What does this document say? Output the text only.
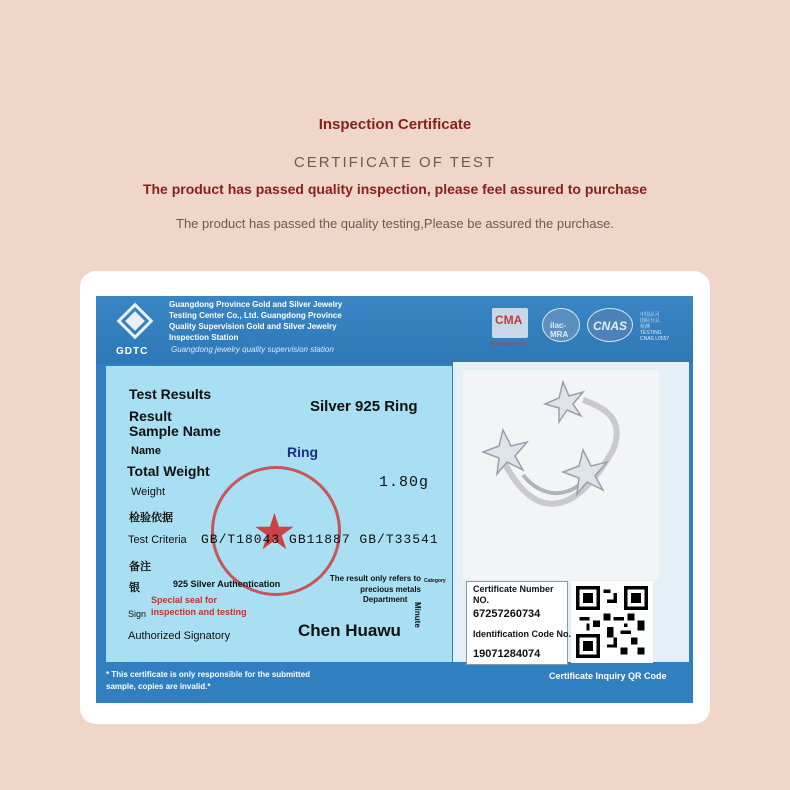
Inspection Certificate
CERTIFICATE OF TEST
The product has passed quality inspection, please feel assured to purchase
The product has passed the quality testing,Please be assured the purchase.
GDTC
Guangdong Province Gold and Silver Jewelry
Testing Center Co., Ltd. Guangdong Province
Quality Supervision Gold and Silver Jewelry
Inspection Station
Guangdong jewelry quality supervision station
CMA
2018190913741
ilac-MRA
CNAS
中国认可
国际互认
检测
TESTING
CNAS L0557
★
Test Results
Result
Sample Name
Silver 925 Ring
Name	Ring
Total Weight
Weight
1.80g
检验依据
Test Criteria GB/T18043 GB11887 GB/T33541
备注
银	925 Silver Authentication
Special seal for inspection and testing
Sign
Authorized Signatory	Chen Huawu
The result only refers to precious metals
Department
Category
Minute
Certificate Number NO.
67257260734
Identification Code No.
19071284074
* This certificate is only responsible for the submitted sample, copies are invalid.*
Certificate Inquiry QR Code
